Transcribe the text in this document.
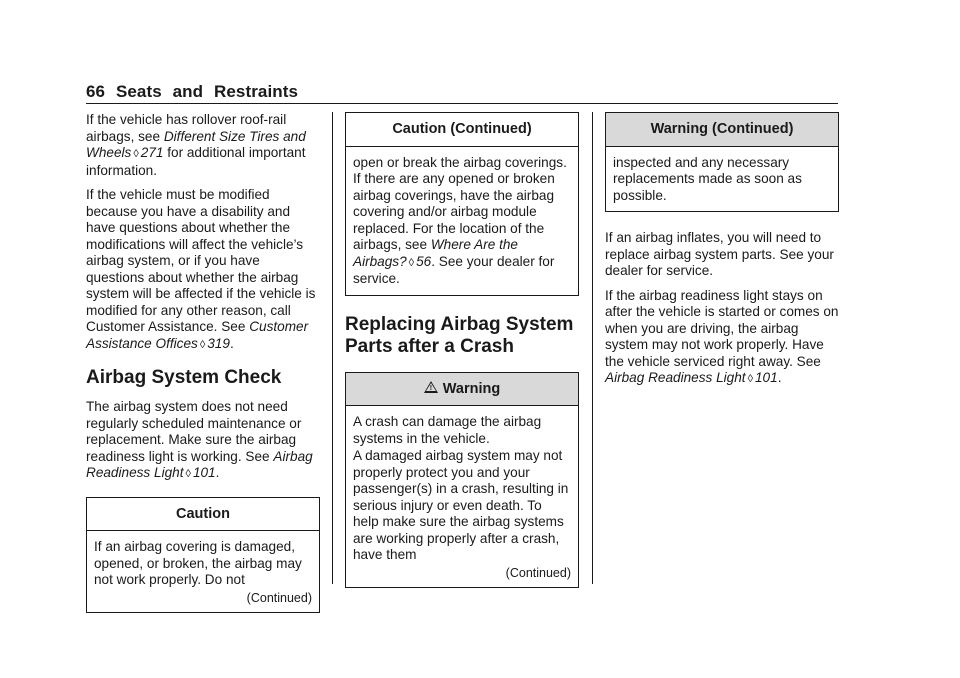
66 Seats and Restraints

If the vehicle has rollover roof-rail airbags, see Different Size Tires and Wheels ◊ 271 for additional important information.

If the vehicle must be modified because you have a disability and have questions about whether the modifications will affect the vehicle’s airbag system, or if you have questions about whether the airbag system will be affected if the vehicle is modified for any other reason, call Customer Assistance. See Customer Assistance Offices ◊ 319.

Airbag System Check

The airbag system does not need regularly scheduled maintenance or replacement. Make sure the airbag readiness light is working. See Airbag Readiness Light ◊ 101.

Caution

If an airbag covering is damaged, opened, or broken, the airbag may not work properly. Do not

(Continued)
Caution (Continued)

open or break the airbag coverings. If there are any opened or broken airbag coverings, have the airbag covering and/or airbag module replaced. For the location of the airbags, see Where Are the Airbags? ◊ 56. See your dealer for service.

Replacing Airbag System Parts after a Crash
! Warning

A crash can damage the airbag systems in the vehicle.

A damaged airbag system may not properly protect you and your passenger(s) in a crash, resulting in serious injury or even death. To help make sure the airbag systems are working properly after a crash, have them

(Continued)
Warning (Continued)

inspected and any necessary replacements made as soon as possible.

If an airbag inflates, you will need to replace airbag system parts. See your dealer for service.

If the airbag readiness light stays on after the vehicle is started or comes on when you are driving, the airbag system may not work properly. Have the vehicle serviced right away. See Airbag Readiness Light ◊ 101.
